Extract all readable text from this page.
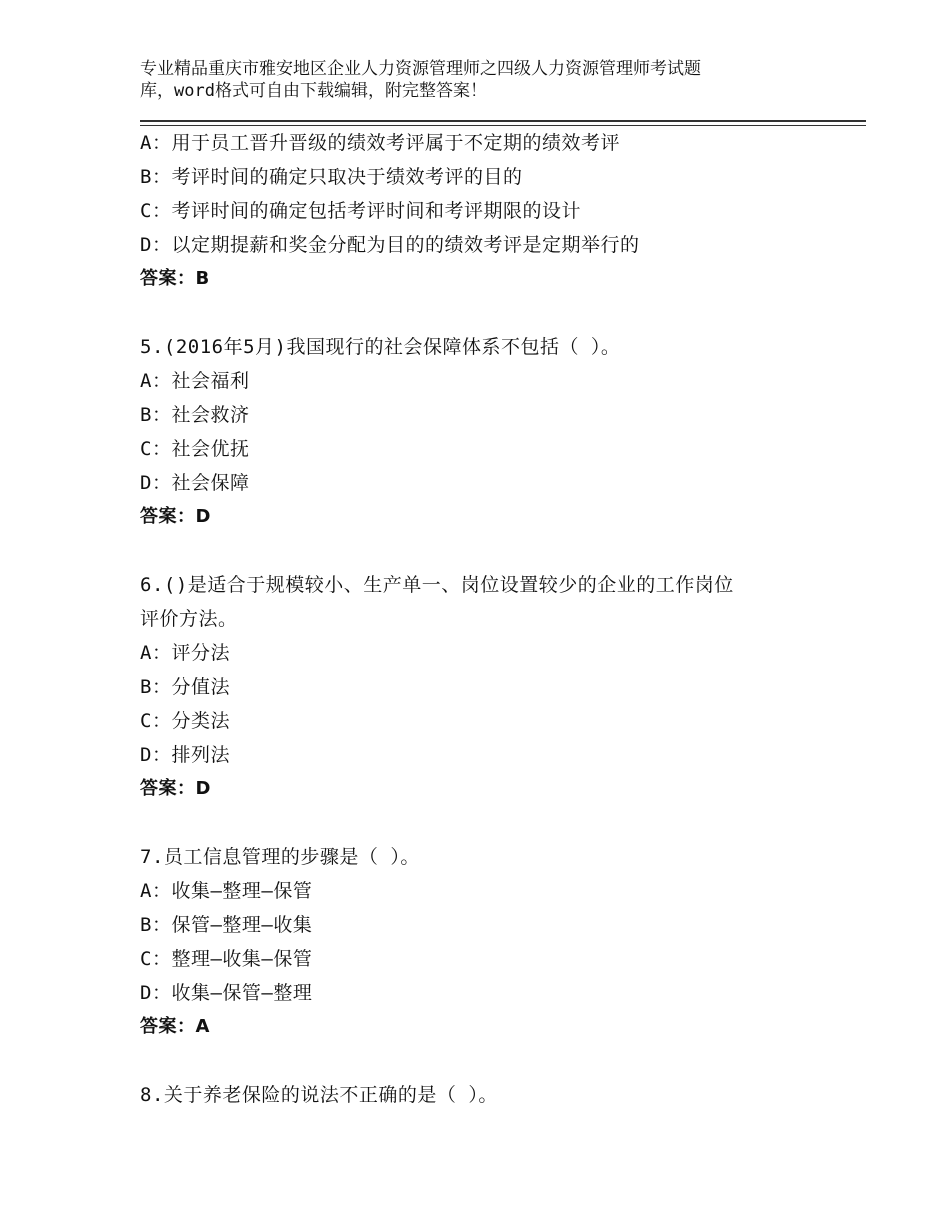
专业精品重庆市雅安地区企业人力资源管理师之四级人力资源管理师考试题
库，word格式可自由下载编辑，附完整答案！
A：用于员工晋升晋级的绩效考评属于不定期的绩效考评
B：考评时间的确定只取决于绩效考评的目的
C：考评时间的确定包括考评时间和考评期限的设计
D：以定期提薪和奖金分配为目的的绩效考评是定期举行的
答案：B
5.(2016年5月)我国现行的社会保障体系不包括（ ）。
A：社会福利
B：社会救济
C：社会优抚
D：社会保障
答案：D
6.()是适合于规模较小、生产单一、岗位设置较少的企业的工作岗位
评价方法。
A：评分法
B：分值法
C：分类法
D：排列法
答案：D
7.员工信息管理的步骤是（ ）。
A：收集—整理—保管
B：保管—整理—收集
C：整理—收集—保管
D：收集—保管—整理
答案：A
8.关于养老保险的说法不正确的是（ ）。
